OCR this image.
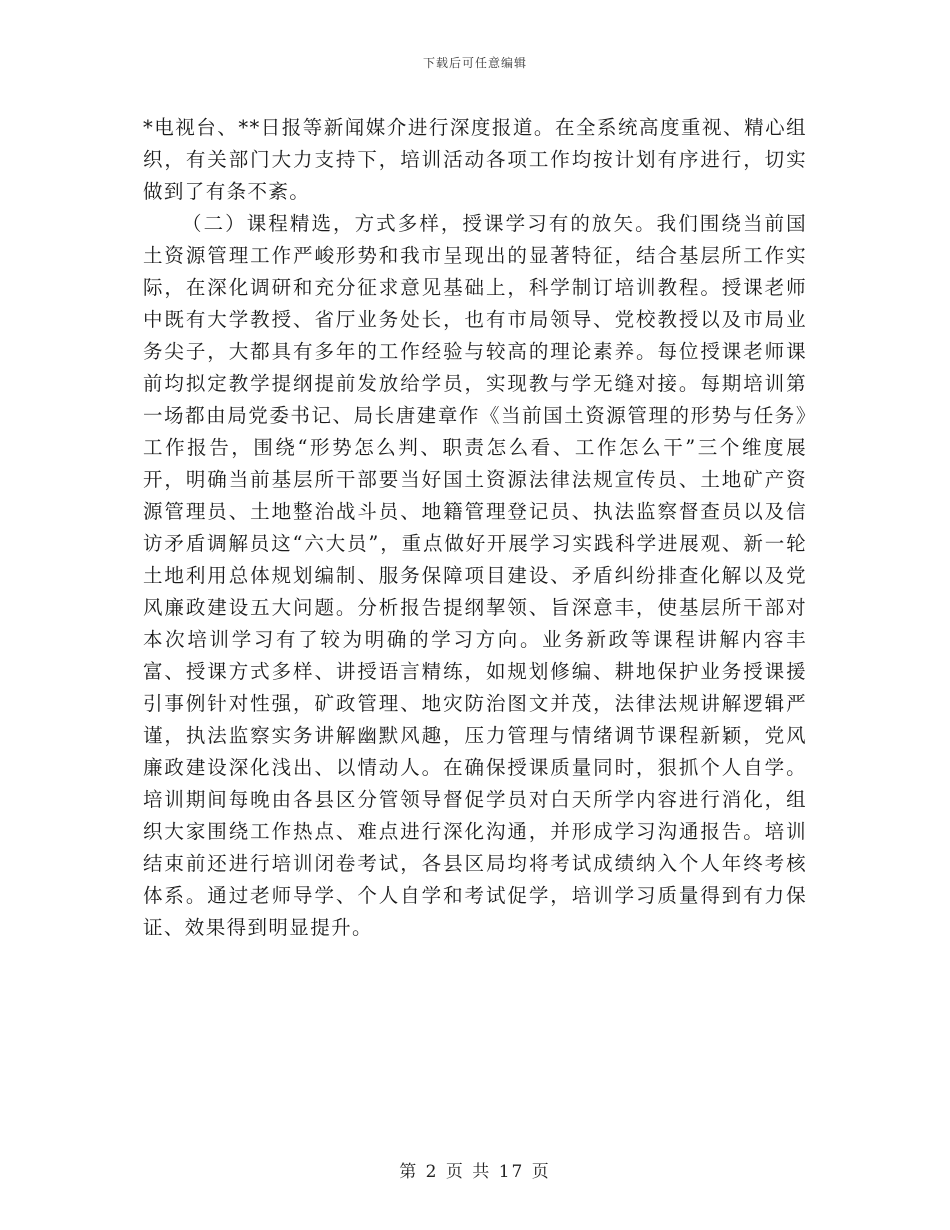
下载后可任意编辑

*电视台、**日报等新闻媒介进行深度报道。在全系统高度重视、精心组织，有关部门大力支持下，培训活动各项工作均按计划有序进行，切实做到了有条不紊。

（二）课程精选，方式多样，授课学习有的放矢。我们围绕当前国土资源管理工作严峻形势和我市呈现出的显著特征，结合基层所工作实际，在深化调研和充分征求意见基础上，科学制订培训教程。授课老师中既有大学教授、省厅业务处长，也有市局领导、党校教授以及市局业务尖子，大都具有多年的工作经验与较高的理论素养。每位授课老师课前均拟定教学提纲提前发放给学员，实现教与学无缝对接。每期培训第一场都由局党委书记、局长唐建章作《当前国土资源管理的形势与任务》工作报告，围绕“形势怎么判、职责怎么看、工作怎么干”三个维度展开，明确当前基层所干部要当好国土资源法律法规宣传员、土地矿产资源管理员、土地整治战斗员、地籍管理登记员、执法监察督查员以及信访矛盾调解员这“六大员”，重点做好开展学习实践科学进展观、新一轮土地利用总体规划编制、服务保障项目建设、矛盾纠纷排查化解以及党风廉政建设五大问题。分析报告提纲挈领、旨深意丰，使基层所干部对本次培训学习有了较为明确的学习方向。业务新政等课程讲解内容丰富、授课方式多样、讲授语言精练，如规划修编、耕地保护业务授课援引事例针对性强，矿政管理、地灾防治图文并茂，法律法规讲解逻辑严谨，执法监察实务讲解幽默风趣，压力管理与情绪调节课程新颖，党风廉政建设深化浅出、以情动人。在确保授课质量同时，狠抓个人自学。培训期间每晚由各县区分管领导督促学员对白天所学内容进行消化，组织大家围绕工作热点、难点进行深化沟通，并形成学习沟通报告。培训结束前还进行培训闭卷考试，各县区局均将考试成绩纳入个人年终考核体系。通过老师导学、个人自学和考试促学，培训学习质量得到有力保证、效果得到明显提升。

第 2 页 共 17 页
